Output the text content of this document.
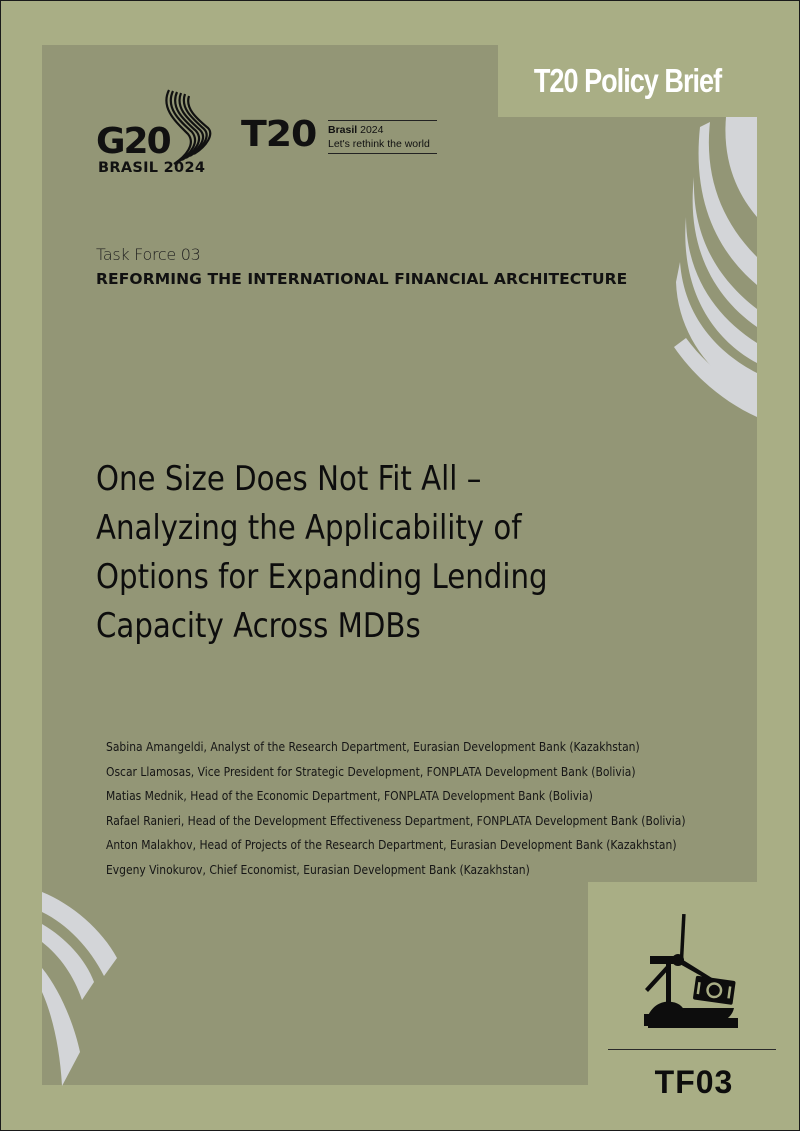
T20 Policy Brief
G20
BRASIL 2024
T20 Brasil 2024
Let's rethink the world
Task Force 03
REFORMING THE INTERNATIONAL FINANCIAL ARCHITECTURE
One Size Does Not Fit All –
Analyzing the Applicability of
Options for Expanding Lending
Capacity Across MDBs
Sabina Amangeldi, Analyst of the Research Department, Eurasian Development Bank (Kazakhstan)
Oscar Llamosas, Vice President for Strategic Development, FONPLATA Development Bank (Bolivia)
Matias Mednik, Head of the Economic Department, FONPLATA Development Bank (Bolivia)
Rafael Ranieri, Head of the Development Effectiveness Department, FONPLATA Development Bank (Bolivia)
Anton Malakhov, Head of Projects of the Research Department, Eurasian Development Bank (Kazakhstan)
Evgeny Vinokurov, Chief Economist, Eurasian Development Bank (Kazakhstan)
TF03
